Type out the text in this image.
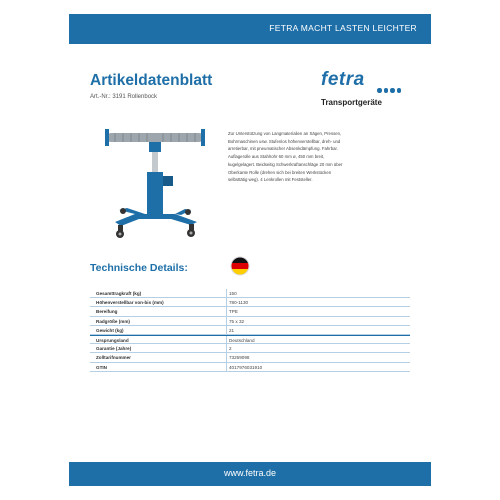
FETRA MACHT LASTEN LEICHTER
Artikeldatenblatt
Art.-Nr.: 3191 Rollenbock
fetra
Transportgeräte
Zur Unterstützung von Langmaterialien an Sägen, Pressen,
Bohrmaschinen usw. Stufenlos höhenverstellbar, dreh- und
arretierbar, mit pneumatischer Absenkdämpfung. Fahrbar.
Auflagerolle aus Stahlrohr 60 mm ø, 450 mm breit,
kugelgelagert. Beidseitig Schwerkraftanschläge 20 mm über
Oberkante Rolle (drehen sich bei breiten Werkstücken
selbsttätig weg). 4 Lenkrollen mit Feststeller.
Technische Details:
Gesamttragkraft (kg)	150
Höhenverstellbar von-bis (mm)	780-1130
Bereifung	TPE
Radgröße (mm)	75 x 32
Gewicht (kg)	21
Ursprungsland	Deutschland
Garantie (Jahre)	2
Zolltarifnummer	73269098
GTIN	4017976031910
www.fetra.de
